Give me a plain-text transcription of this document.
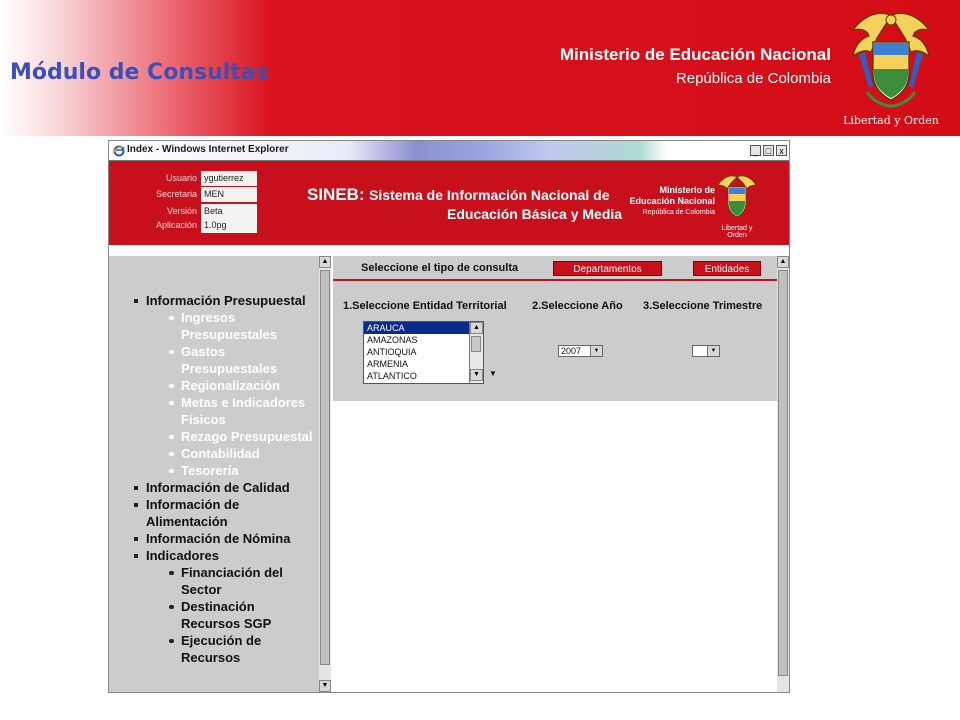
Módulo de Consultas
Ministerio de Educación Nacional
República de Colombia
Libertad y Orden
Index - Windows Internet Explorer	_ □ x
Usuario ygutierrez
Secretaria MEN
Versión Beta
Aplicación 1.0pg
SINEB: Sistema de Información Nacional de
Educación Básica y Media
Ministerio de Educación Nacional
República de Colombia
Libertad y Orden
Información Presupuestal
Ingresos Presupuestales
Gastos Presupuestales
Regionalización
Metas e Indicadores Físicos
Rezago Presupuestal
Contabilidad
Tesorería
Información de Calidad
Información de Alimentación
Información de Nómina
Indicadores
Financiación del Sector
Destinación Recursos SGP
Ejecución de Recursos
▲
▼
Seleccione el tipo de consulta	Departamentos	Entidades
1.Seleccione Entidad Territorial 2.Seleccione Año 3.Seleccione Trimestre
ARAUCA
AMAZONAS
ANTIOQUIA
ARMENIA
ATLANTICO
▲
▼	▼
2007	▼	▼
▲
